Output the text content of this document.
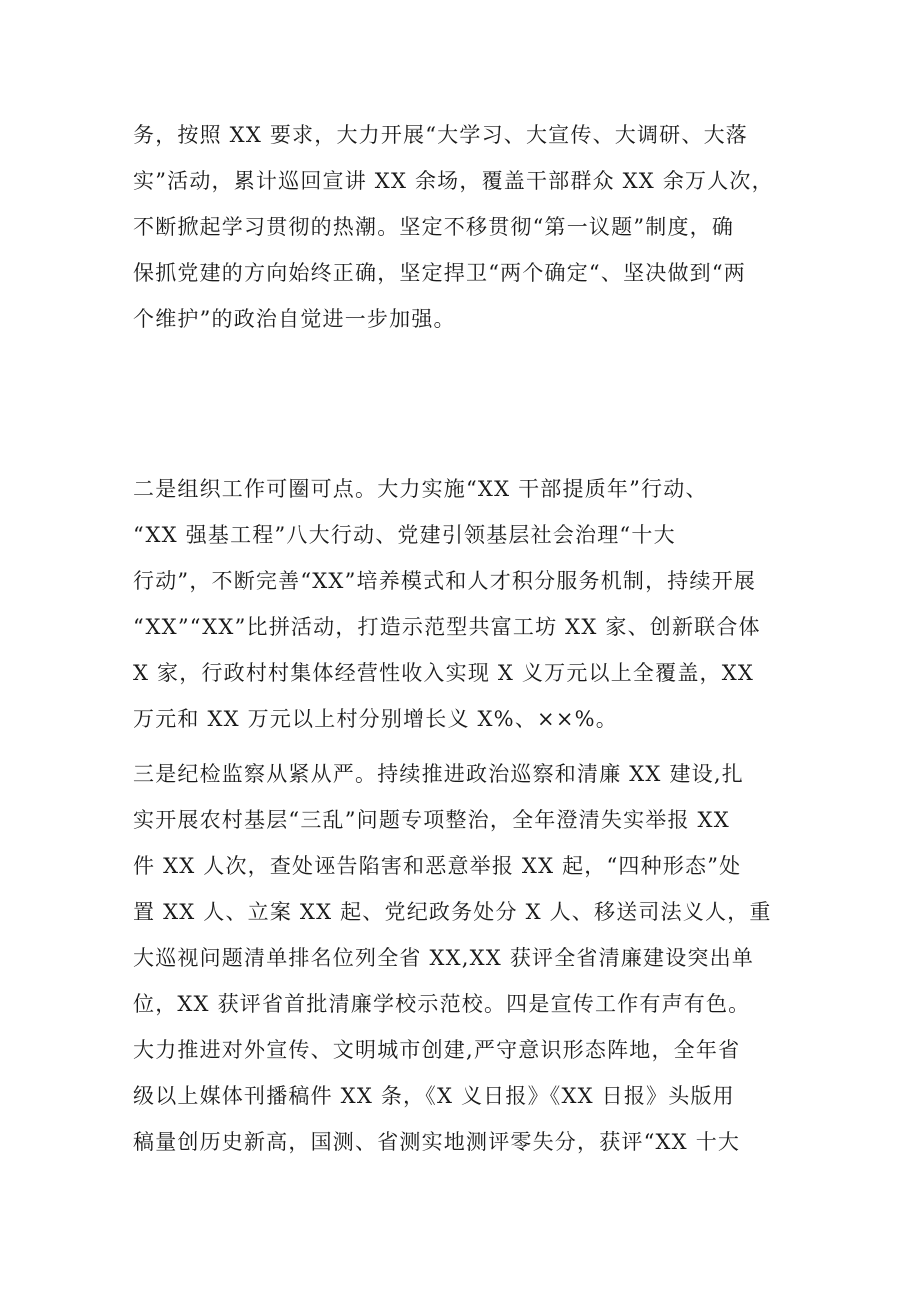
务，按照 XX 要求，大力开展“大学习、大宣传、大调研、大落
实”活动，累计巡回宣讲 XX 余场，覆盖干部群众 XX 余万人次，
不断掀起学习贯彻的热潮。坚定不移贯彻“第一议题”制度，确
保抓党建的方向始终正确，坚定捍卫“两个确定“、坚决做到“两
个维护”的政治自觉进一步加强。
二是组织工作可圈可点。大力实施“XX 干部提质年”行动、
“XX 强基工程”八大行动、党建引领基层社会治理“十大
行动”，不断完善“XX”培养模式和人才积分服务机制，持续开展
“XX”“XX”比拼活动，打造示范型共富工坊 XX 家、创新联合体
X 家，行政村村集体经营性收入实现 X 义万元以上全覆盖，XX
万元和 XX 万元以上村分别增长义 X%、××%。
三是纪检监察从紧从严。持续推进政治巡察和清廉 XX 建设,扎
实开展农村基层“三乱”问题专项整治，全年澄清失实举报 XX
件 XX 人次，查处诬告陷害和恶意举报 XX 起，“四种形态”处
置 XX 人、立案 XX 起、党纪政务处分 X 人、移送司法义人，重
大巡视问题清单排名位列全省 XX,XX 获评全省清廉建设突出单
位，XX 获评省首批清廉学校示范校。四是宣传工作有声有色。
大力推进对外宣传、文明城市创建,严守意识形态阵地，全年省
级以上媒体刊播稿件 XX 条，《X 义日报》《XX 日报》头版用
稿量创历史新高，国测、省测实地测评零失分，获评“XX 十大
